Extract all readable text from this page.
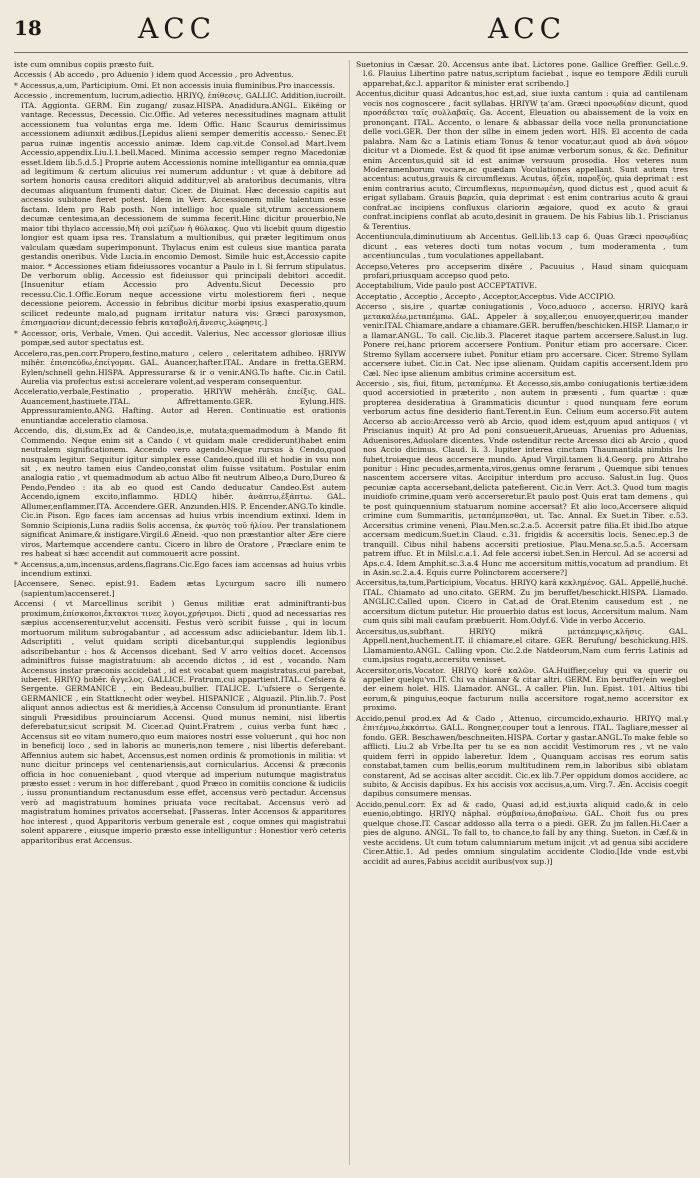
18	ACC	ACC

iste cum omnibus copiis præsto fuit.

Accessis ( Ab accedo , pro Aduenio ) idem quod Accessio , pro Adventus.

* Accessus,a,um, Participium. Omi. Et non accessis inuia fluminibus.Pro inaccessis.

Accessio , incrementum, lucrum,adiectio. ḤRIYQ, ἐπίθεσις. GALLIC. Addition,iucroilt. ITA. Aggionta. GERM. Ein zugang/ zusaz.HISPA. Anadidura.ANGL. Eikëing or vantage. Recessus, Decessio. Cic.Offic. Ad veteres necessitudines magnam attulit accessionem tua voluntas erga me. Idem Offic. Hanc Scaurus demirissimus accessionem adiunxit ædibus.[Lepidus alieni semper demeritis accesso.- Senec.Et parua ruinæ ingentis accessio animæ. Idem cap.vit.de Consol.ad Mart.Ivem Accessio,appendix.Liu.l.1.bell.Maced. Minima accessio semper regno Macedoniæ esset.Idem lib.5.d.5.] Proprie autem Accessionis nomine intelligantur ea omnia,quæ ad legitimum & certum alicuius rei numerum adduntur : vt quæ à debitore ad sortem honoris causa creditori aliquid additur;vel ab aratoribus decumanis, vltra decumas aliquantum frumenti datur. Cicer. de Diuinat. Hæc decessio capitis aut accessio subitone fieret potest. Idem in Verr. Accessionem mille talentum esse factam. Idem pro Rab posth. Non intelligo hoc quale sit,vtrum accessionem decumæ centesima,an decessionem de summa fecerit.Hinc dicitur prouerbio,Ne maior tibi thylaco accessio,Mὴ σοὶ μείζων ἡ θύλακος. Quo vti licebit quum digestio longior est quam ipsa res. Translatum a multionibus, qui præter legitimum onus valculam quædam superimponunt. Thylacus enim est culeus siue mantica parata gestandis oneribus. Vide Lucia.in encomio Demost. Simile huic est,Accessio capite maior. * Accessiones etiam fideiussores vocantur a Paulo in l. Si ferrum stipulatus. De verborum oblig. Accessio est fideiussor qui principali debitori accedit. [Insuenitur etiam Accessio pro Adventu.Sicut Decessio pro recessu.Cic.1.Offic.Eorum neque accessione virtu molestiorem fieri , neque decessione peiorem. Accessio in febribus dicitur morbi ipsius exasperatio,quum scilicet redeunte malo,ad pugnam irritatur natura vis: Græci paroxysmon, ἐπισημασίαν dicunt;decessio febris καταβολή,ἄνεσις,λώφησις.]

* Accessor, oris, Verbale, Vmen. Qui accedit. Valerius, Nec accessor gloriosæ illius pompæ,sed autor spectatus est.

Accelero,ras,pen.corr.Propero,festino,maturo , celero , celeritatem adhibeo. ḤRIYW mihêr. ἐπισπεύδω,ἐπείγομαι. GAL. Auancer,hafter.ITAL. Andare in fretta.GERM. Eylen/schnell gehn.HISPA. Appressurarse & ir o venir.ANG.To hafte. Cic.in Catil. Aurelia via profectus est:si accelerare volent,ad vesperam consequentur.

Acceleratio,verbale,Festinatio , properatio. ḤRIYW mehêrâh. ἐπείξις. GAL. Auancement,hastiuete.ITAL. Affrettamento.GER. Eylung.HIS. Appressuramiento.ANG. Hafting. Autor ad Heren. Continuatio est orationis enuntiandæ acceleratio clamosa.

Accendo, dis, di,sum,Ex ad & Candeo,is,e, mutata;quemadmodum à Mando fit Commendo. Neque enim sit a Cando ( vt quidam male crediderunt)habet enim neutralem significationem. Accendo vero agendo.Neque rursus à Cendo,quod nusquam legitur. Sequitur igitur simplex esse Candeo,quod illi et hodie in vsu non sit , ex neutro tamen eius Candeo,constat olim fuisse vsitatum. Postular enim analogia ratio , vt quemadmodum ab actuo Albo fit neutrum Albeo,a Duro,Dureo & Pendo,Pendeo : ita ab eo quod est Cando deducatur Candeo.Est autem Accendo,ignem excito,inflammo. ḤDLQ hibêr. ἀνάπτω,ἐξάπτω. GAL. Allumer,enflammer.ITA. Accendere.GER. Anzunden.HIS. P. Encender.ANG.To kindle. Cic.in Pison. Ego faces iam accensas ad huius vrbis incendium extinxi. Idem in Somnio Scipionis,Luna radiis Solis accensa, ἐκ φωτὸς τοῦ ἡλίου. Per translationem significat Animare,& instigare.Virgil.6 Æneid. -quo non præstantior alter Ære ciere viros, Martemque accendere cantu. Cicero in libro de Oratore , Præclare enim te res habeat si hæc accendit aut commouerit acre possint.

* Accensus,a,um,incensus,ardens,flagrans.Cic.Ego faces iam accensas ad huius vrbis incendium extinxi.

[Accensere, Senec. epist.91. Eadem ætas Lycurgum sacro illi numero (sapientum)accenseret.]

Accensi ( vt Marcellinus scribit ) Genus militiæ erat adminiftranti-bus proximum,ἐπίσκοποι,ἔκτακτοι τινες λογοι,χρήσιμοι. Dicti , quod ad necessarias res sæpius accenserentur,velut accensiti. Festus verò scribit fuisse , qui in locum mortuorum militum subrogabantur , ad accessum adsc adiiciebantur. Idem lib.1. Adscriptiti , velut quidam scripti dicebantur,qui supplendis legionibus adscribebantur : hos & Accensos dicebant. Sed V arro veltios docet. Accensos adminiftros fuisse magistratuum: ab accendo dictos , id est , vocando. Nam Accensus instar præconis accidebat , id est vocabat quem magistratus,cui parebat, iuberet. ḤRIYQ ḥobêr. ἄγγελος. GALLICE. Fratrum,cui appartient.ITAL. Cefsiera & Sergente. GERMANICE , ein Bedeau,bullier. ITALICE. L'ufsiere o Sergente. GERMANICE , ein Stattknecht oder weybel. HISPANICE , Alguazil. Plin.lib.7. Post aliquot annos adiectus est & meridies,à Accenso Consulum id pronuntiante. Erant singuli Præsidibus prouinciarum Accensi. Quod munus nemini, nisi libertis deferebatur,sicut scripsit M. Cicer.ad Quint.Fratrem , cuius verba funt hæc , Accensus sit eo vitam numero,quo eum maiores nostri esse voluerunt , qui hoc non in beneficij loco , sed in laboris ac muneris,non temere , nisi libertis deferebant. Affennius autem sic habet, Accensus,est nomen ordinis & promotionis in militia: vt nunc dicitur princeps vel centenariensis,aut cornicularius. Accensi & præconis officia in hoc conueniebant , quod vterque ad imperium nutumque magistratus præsto esset : verum in hoc differebant , quod Præco in comitiis concione & iudiciis , iussu pronuntiandum rectanusdum esse effet, accensus verò pectadur. Accensus verò ad magistratuum homines priuata voce recitabat. Accensus verò ad magistratum homines privatos accersebat. [Passeras. Inter Accensos & apparitores hoc interest , quod Apparitoris verbum generale est , coque omnes qui magistratui solent apparere , eiusque imperio præsto esse intelliguntur : Honestior verò ceteris apparitoribus erat Accensus.

Suetonius in Cæsar. 20. Accensus ante ibat. Lictores pone. Gallice Greffier. Gell.c.9. l.6. Flauius Libertino patre natus,scriptum faciebat , isque eo tempore Ædili curuli apparebat,&c.l. apparitor & minister erat scribendo.]

Accentus,dicitur quasi Adcantus,hoc est,ad, siue iuxta cantum : quia ad cantilenam vocis nos cognoscere , facit syllabas. ḤRIYW ṭaʿam. Græci προσῳδίαν dicunt, quod προσάδεται ταῖς συλλαβαῖς. Ga. Accent, Eleuation ou abaissement de la voix en prononçant. ITAL. Accento, o lenare & abbassar della voce nella pronunciatione delle voci.GER. Der thon der silbe in einem jeden wort. HIS. El accento de cada palabra. Nam &c a Latinis etiam Tonus & tenor vocatur,aut quod ab ἀνὰ νόμον dicitur vt a Diomede. Est & quod fit ipse animæ verborum sonus, & &c. Definitur enim Accentus,quid sit id est animæ versuum prosodia. Hos veteres num Moderamenborum vocare,ac quædam Voculationes appellant. Sunt autem tres accentus: acutus,grauis & circumflexus. Acutus, ὀξεῖα, παροξύς, quia deprimat : est enim contrarius acuto, Circumflexus, περισπωμένη, quod dictus est , quod acuit & erigat syllabam. Grauis βαρεῖα, quia deprimat : est enim contrarius acuto & graui confrat.ac incipiens confluxus clariorin ægaiore, quod ex acuto & graui confrat.incipiens conflat ab acuto,desinit in grauem. De his Fabius lib.1. Priscianus & Terentius.

Accentiuncula,diminutiuum ab Accentus. Gell.lib.13 cap 6. Quas Græci προσῳδίας dicunt , eas veteres docti tum notas vocum , tum moderamenta , tum accentiunculas , tum voculationes appellabant.

Accepso,Veteres pro accepserim dixêre , Pacuuius , Haud sinam quicquam profari,priusquam accepso quod peto.

Acceptabilium, Vide paulo post ACCEPTATIVE.

Acceptatio , Acceptio , Accepto , Acceptor,Acceptus. Vide ACCIPIO.

Accerso , sis,ire , quartæ coniugationis , Voco,aduoco , accerso. ḤRIYQ karâ μετακαλέω,μεταπέμπω. GAL. Appeler à soy,aller,ou enuoyer,querir,ou mander venir.ITAL Chiamare,andare a chiamare.GER. beruffen/beschicken.HISP. Llamar,o ir a llamar.ANGL. To call. Cic.lib.3. Placeret itaque partem accersere.Salust.in Iug. Ponere rei,hanc priorem accersere Pontium. Ponitur etiam pro accersare. Cicer. Stremo Syllam accersere iubet. Ponitur etiam pro accersare. Cicer. Stremo Syllam accersere iubet. Cic.in Cat. Nec ipse alienam. Quidam capitis accersent.Idem pro Cæl. Nec ipse alienum ambitus crimine accersitum est.

Accersio , sis, fiui, fitum, μεταπέμπω. Et Accesso,sis,ambo coniugationis tertiæ:idem quod accersiotied in præterito , non autem in præsenti , fum quartæ : quæ propterea desideratiua à Grammaticis dicuntur : quod nunquam fere eorum verborum actus fine desiderio fiant.Terent.in Eun. Celium eum accerso.Fit autem Accerso ab accio:Arcesso verò ab Arcio, quod idem est,quum apud antiquos ( vt Priscianus inquit) At pro Ad poni consueuerit,Arueuas, Aruenias pro Aduenias, Aduenisores,Aduolare dicentes. Vnde ostenditur recte Arcesso dici ab Arcio , quod nos Accio dicimus. Claud. li. 3. Iupiter interea cinctam Thaumantida nimbis Ire fubet,troiæque deos accersere mundo. Apud Virgil.tamen li.4.Georg. pro Attraho ponitur : Hinc pecudes,armenta,viros,genus omne ferarum , Quemque sibi tenues nascentem accersere vitas. Accipitur interdum pro accuso. Salust.in Iug. Quos pecuniæ capta accersebant,delicta patefierent. Cic.in Verr. Act.3. Quod tum magis inuidiofo crimine,quam verò accerseretur.Et paulo post Quis erat tam demens , qui te post quinquennium statuarum nomine accersat? Et alio loco,Accersere aliquid crimine cum Summaritis, μεταπέμπεσθαι, ut. Tac. Annal. Ex Suet.in Tiber. c.53. Accersitus crimine veneni, Plau.Men.sc.2.a.5. Accersit patre filia.Et ibid.Ibo atque accersam medicum.Suet.in Claud. c.31. frigidis & accersitis locis. Senec.ep.3 de tranquill. Cibus nihil habens accersiti pretiosiue. Plau.Mena.sc.5.a.5. Accersam patrem iffuc. Et in Milsl.c.a.1. Ad fele accersi iubet.Sen.in Hercul. Ad se accersi ad Aps.c.4. Idem Amphit.sc.3.a.4 Hunc me accersitum mittis,vocatum ad prandium. Et in Asin.sc.2.a.4. Equis curre Polinctorem accersere?]

Accersitus,ta,tum,Participium, Vocatus. ḤRIYQ karâ κεκλημένος. GAL. Appellé,huché. ITAL. Chiamato ad uno.citato. GERM. Zu jm beruffet/beschickt.HISPA. Llamado. ANGLIC.Called upon. Cicero in Cat.ad de Orat.Etenim causedum est , ne accersitum dictum putetur. Hic prouerbio datus est locus, Accersitum malum. Nam cum quis sibi mali caufam præbuerit. Hom.Odyf.6. Vide in verbo Accerio.

Accersitus,us,subftant. ḤRIYQ mikrâ μετάπεμψις,κλῆσις. GAL. Appell.nent,huchement.IT. il chiamare,el citare. GER. Berufung/ beschickung.HIS. Llamamiento.ANGL. Calling vpon. Cic.2.de Natdeorum,Nam cum ferris Latinis ad cum,ipsius rogatu,accersitu venisset.

Accersitor,oris,Vocator. ḤRIYQ korê καλῶν. GA.Huiffier,celuy qui va querir ou appeller quelqu'vn.IT. Chi va chiamar & citar altri. GERM. Ein beruffer/ein wegbel der einem holet. HIS. Llamador. ANGL. A caller. Plin. Iun. Epist. 101. Altius tibi eorum,& pinguius,eoque facturum nulla accersitore rogat,nemo accersitor ex proximo.

Accido,penul prod.ex Ad & Cado , Attenuo, circumcido,exhaurio. ḤRIYQ mal.γ ἐπιτέμνω,ἐκκόπτω. GALL. Rongner,couper tout a lenrous. ITAL. Tagliare,messer al fondo. GER. Beschawen/beschneiten.HISPA. Cortar y gastar.ANGL.To make feble so afflicti. Liu.2 ab Vrbe.Ita per tu se ea non accidit Vestimorum res , vt ne valo quidem ferri in oppido laberetur. Idem , Quanquam accisas res eorum satis constabat,tamen cum bellis,eorum multitudinem rem,in laboribus sibi oblatam constarent, Ad se accisas alter accidit. Cic.ex lib.7.Per oppidum domos accidere, ac subito, & Accisis dapibus. Ex his accisis vox accisus,a,um. Virg.7. Æn. Accisis coegit dapibus consumere mensas.

Accido,penul.corr. Ex ad & cado, Quasi ad,id est,iuxta aliquid cado,& in celo euenio,obtingo. ḤRIYQ nāphal. σύμβαίνω,ἀποβαίνω. GAL. Choit fus ou pres quelque chose.IT. Cascar addosso alla terra o a piedi. GER. Zu jm fallen.Hi.Caer a pies de alguno. ANGL. To fall to, to chance,to fall by any thing. Sueton. in Cæf.& in veste accidens. Ut cum totum calumniarum metum inijcit ,vt ad genua sibi accidere Cicer.Attic.1. Ad pedes omnium singulatim accidente Clodio.[Ide vnde est,vbi accidit ad aures,Fabius accidit auribus(vox sup.)]
